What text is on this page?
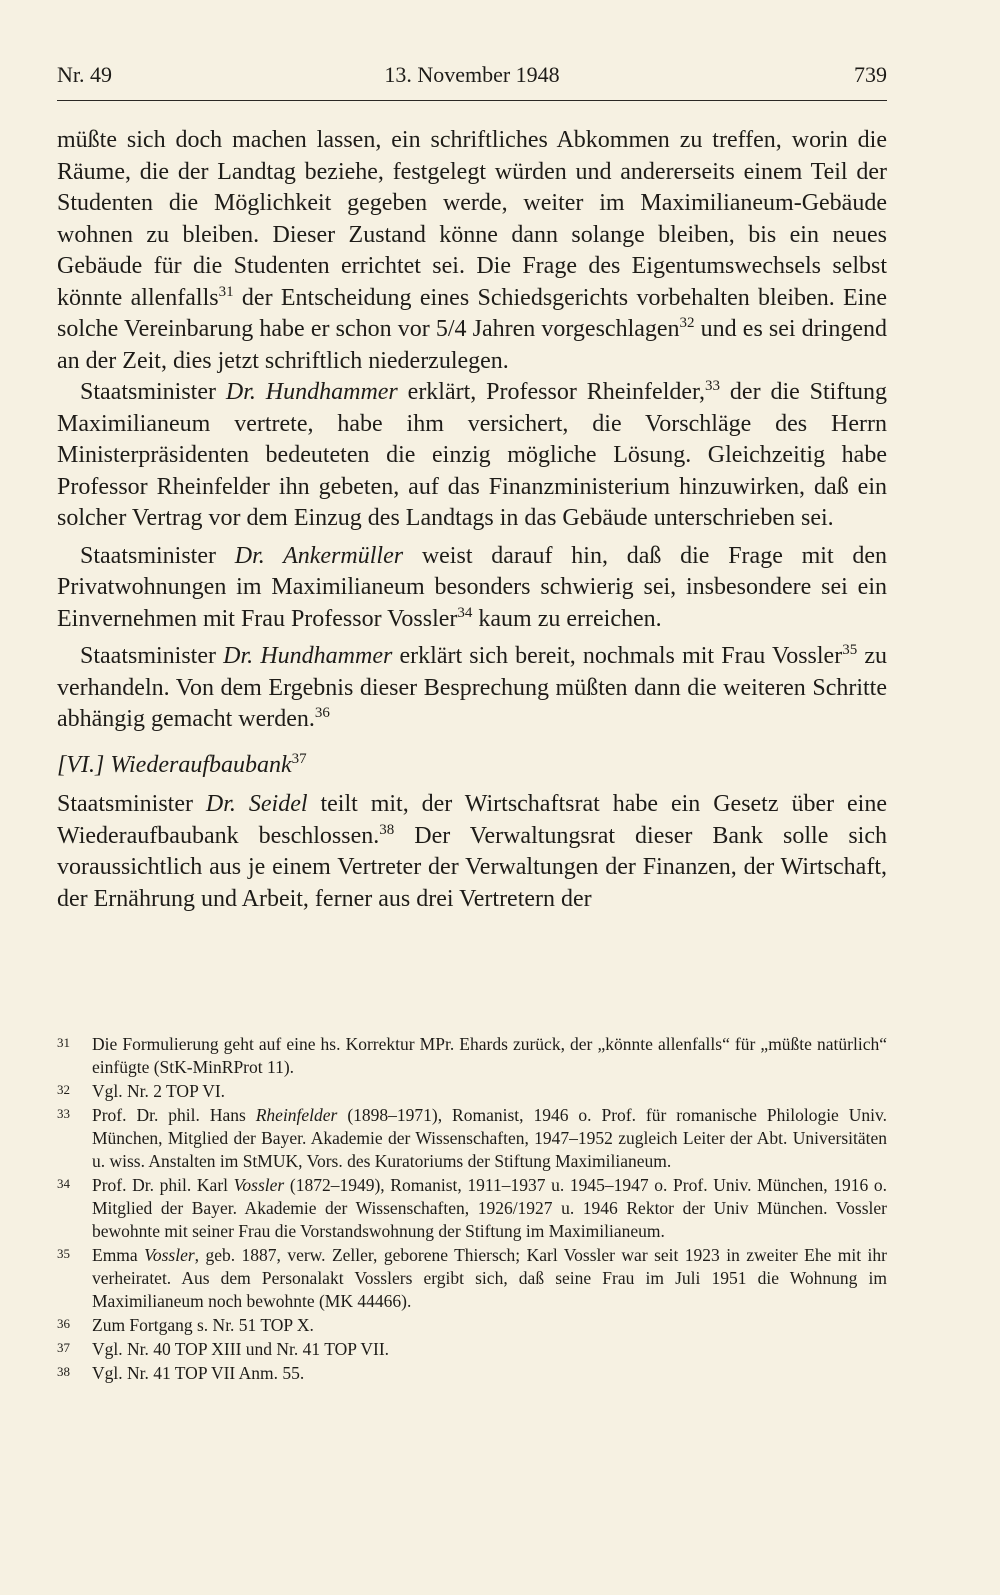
Nr. 49	13. November 1948	739

müßte sich doch machen lassen, ein schriftliches Abkommen zu treffen, worin die Räume, die der Landtag beziehe, festgelegt würden und andererseits einem Teil der Studenten die Möglichkeit gegeben werde, weiter im Maximilianeum-Gebäude wohnen zu bleiben. Dieser Zustand könne dann solange bleiben, bis ein neues Gebäude für die Studenten errichtet sei. Die Frage des Eigentumswechsels selbst könnte allenfalls$^{31}$ der Entscheidung eines Schiedsgerichts vorbehalten bleiben. Eine solche Vereinbarung habe er schon vor 5/4 Jahren vorgeschlagen$^{32}$ und es sei dringend an der Zeit, dies jetzt schriftlich niederzulegen.

Staatsminister Dr. Hundhammer erklärt, Professor Rheinfelder,$^{33}$ der die Stiftung Maximilianeum vertrete, habe ihm versichert, die Vorschläge des Herrn Ministerpräsidenten bedeuteten die einzig mögliche Lösung. Gleichzeitig habe Professor Rheinfelder ihn gebeten, auf das Finanzministerium hinzuwirken, daß ein solcher Vertrag vor dem Einzug des Landtags in das Gebäude unterschrieben sei.

Staatsminister Dr. Ankermüller weist darauf hin, daß die Frage mit den Privatwohnungen im Maximilianeum besonders schwierig sei, insbesondere sei ein Einvernehmen mit Frau Professor Vossler$^{34}$ kaum zu erreichen.

Staatsminister Dr. Hundhammer erklärt sich bereit, nochmals mit Frau Vossler$^{35}$ zu verhandeln. Von dem Ergebnis dieser Besprechung müßten dann die weiteren Schritte abhängig gemacht werden.$^{36}$

[VI.] Wiederaufbaubank$^{37}$

Staatsminister Dr. Seidel teilt mit, der Wirtschaftsrat habe ein Gesetz über eine Wiederaufbaubank beschlossen.$^{38}$ Der Verwaltungsrat dieser Bank solle sich voraussichtlich aus je einem Vertreter der Verwaltungen der Finanzen, der Wirtschaft, der Ernährung und Arbeit, ferner aus drei Vertretern der

31 Die Formulierung geht auf eine hs. Korrektur MPr. Ehards zurück, der „könnte allenfalls“ für „müßte natürlich“ einfügte (StK-MinRProt 11).
32 Vgl. Nr. 2 TOP VI.
33 Prof. Dr. phil. Hans Rheinfelder (1898–1971), Romanist, 1946 o. Prof. für romanische Philologie Univ. München, Mitglied der Bayer. Akademie der Wissenschaften, 1947–1952 zugleich Leiter der Abt. Universitäten u. wiss. Anstalten im StMUK, Vors. des Kuratoriums der Stiftung Maximilianeum.
34 Prof. Dr. phil. Karl Vossler (1872–1949), Romanist, 1911–1937 u. 1945–1947 o. Prof. Univ. München, 1916 o. Mitglied der Bayer. Akademie der Wissenschaften, 1926/1927 u. 1946 Rektor der Univ München. Vossler bewohnte mit seiner Frau die Vorstandswohnung der Stiftung im Maximilianeum.
35 Emma Vossler, geb. 1887, verw. Zeller, geborene Thiersch; Karl Vossler war seit 1923 in zweiter Ehe mit ihr verheiratet. Aus dem Personalakt Vosslers ergibt sich, daß seine Frau im Juli 1951 die Wohnung im Maximilianeum noch bewohnte (MK 44466).
36 Zum Fortgang s. Nr. 51 TOP X.
37 Vgl. Nr. 40 TOP XIII und Nr. 41 TOP VII.
38 Vgl. Nr. 41 TOP VII Anm. 55.
